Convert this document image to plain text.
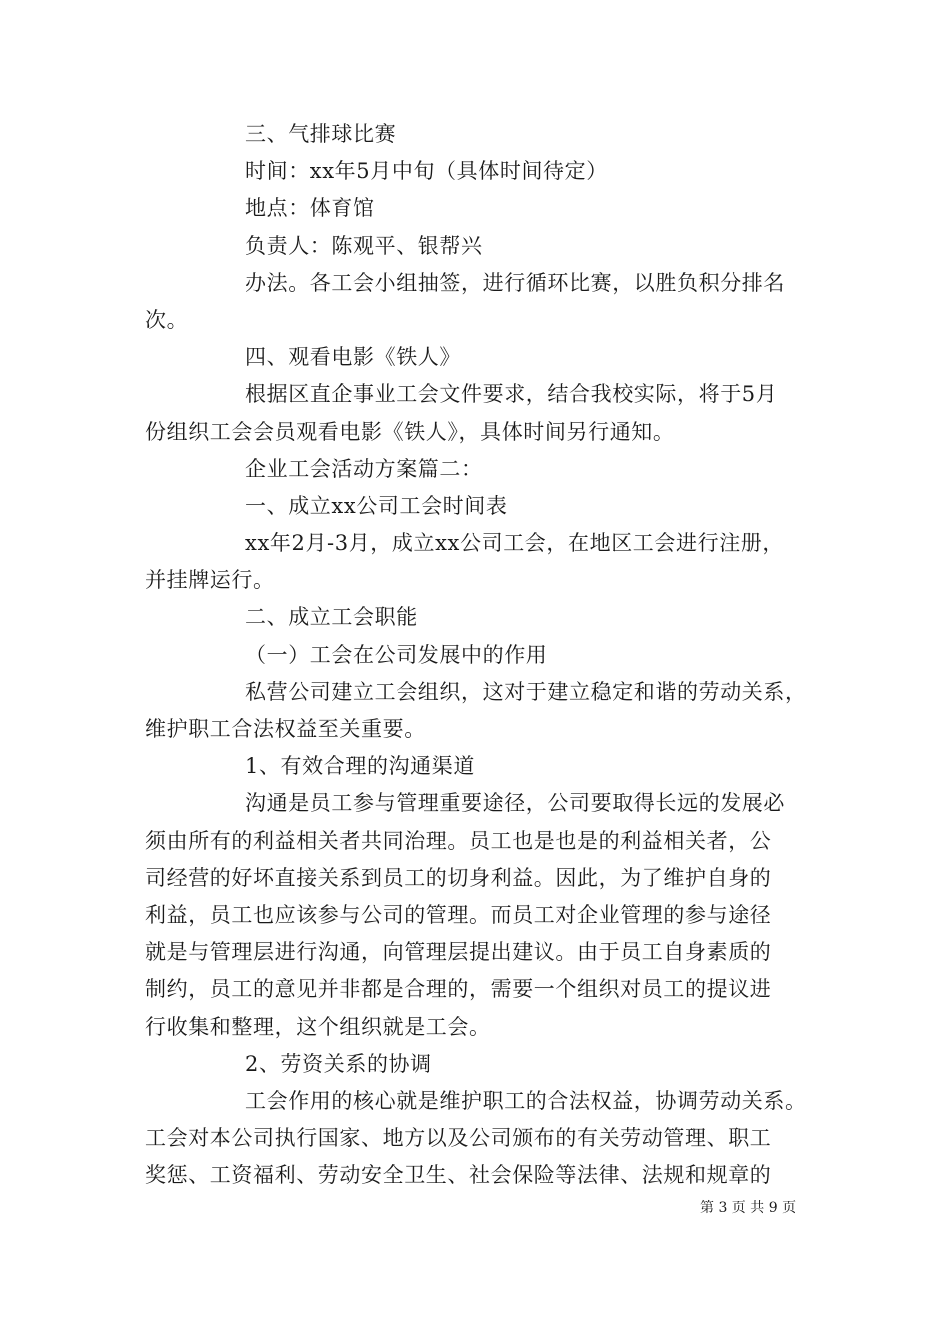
三、气排球比赛
时间：xx年5月中旬（具体时间待定）
地点：体育馆
负责人：陈观平、银帮兴
办法。各工会小组抽签，进行循环比赛，以胜负积分排名
次。
四、观看电影《铁人》
根据区直企事业工会文件要求，结合我校实际，将于5月
份组织工会会员观看电影《铁人》，具体时间另行通知。
企业工会活动方案篇二：
一、成立xx公司工会时间表
xx年2月-3月，成立xx公司工会，在地区工会进行注册，
并挂牌运行。
二、成立工会职能
（一）工会在公司发展中的作用
私营公司建立工会组织，这对于建立稳定和谐的劳动关系，
维护职工合法权益至关重要。
1、有效合理的沟通渠道
沟通是员工参与管理重要途径，公司要取得长远的发展必
须由所有的利益相关者共同治理。员工也是也是的利益相关者，公
司经营的好坏直接关系到员工的切身利益。因此，为了维护自身的
利益，员工也应该参与公司的管理。而员工对企业管理的参与途径
就是与管理层进行沟通，向管理层提出建议。由于员工自身素质的
制约，员工的意见并非都是合理的，需要一个组织对员工的提议进
行收集和整理，这个组织就是工会。
2、劳资关系的协调
工会作用的核心就是维护职工的合法权益，协调劳动关系。
工会对本公司执行国家、地方以及公司颁布的有关劳动管理、职工
奖惩、工资福利、劳动安全卫生、社会保险等法律、法规和规章的
第 3 页 共 9 页
